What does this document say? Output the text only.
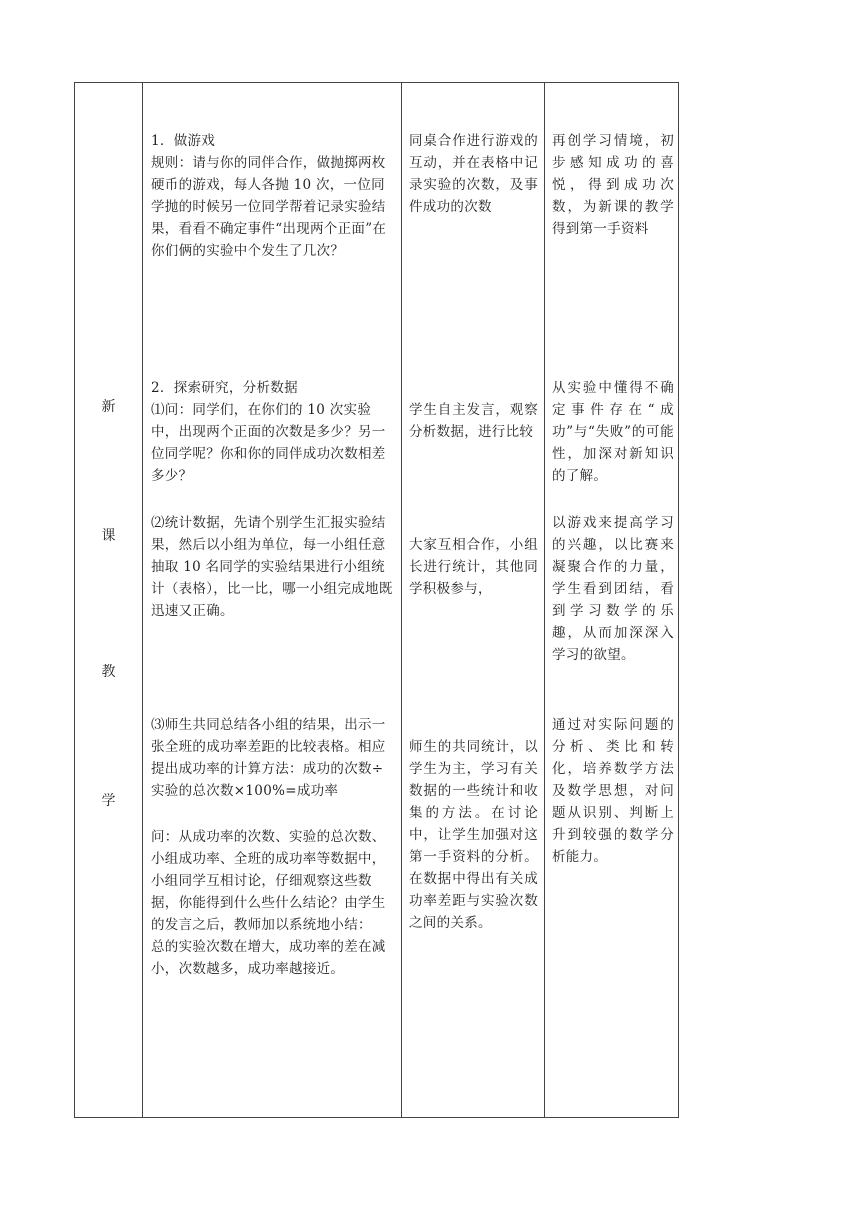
新
课
教
学

1．做游戏

规则：请与你的同伴合作，做抛掷两枚硬币的游戏，每人各抛 10 次，一位同学抛的时候另一位同学帮着记录实验结果，看看不确定事件“出现两个正面”在你们俩的实验中个发生了几次？

2．探索研究，分析数据

⑴问：同学们，在你们的 10 次实验中，出现两个正面的次数是多少？另一位同学呢？你和你的同伴成功次数相差多少？

⑵统计数据，先请个别学生汇报实验结果，然后以小组为单位，每一小组任意抽取 10 名同学的实验结果进行小组统计（表格），比一比，哪一小组完成地既迅速又正确。
⑶师生共同总结各小组的结果，出示一张全班的成功率差距的比较表格。相应提出成功率的计算方法：成功的次数÷实验的总次数×100%=成功率

问：从成功率的次数、实验的总次数、小组成功率、全班的成功率等数据中，小组同学互相讨论，仔细观察这些数据，你能得到什么些什么结论？由学生的发言之后，教师加以系统地小结：

总的实验次数在增大，成功率的差在减小，次数越多，成功率越接近。

同桌合作进行游戏的互动，并在表格中记录实验的次数，及事件成功的次数
学生自主发言，观察分析数据，进行比较
大家互相合作，小组长进行统计，其他同学积极参与，
师生的共同统计，以学生为主，学习有关数据的一些统计和收集的方法。在讨论中，让学生加强对这第一手资料的分析。在数据中得出有关成功率差距与实验次数之间的关系。
再创学习情境，初步感知成功的喜悦，得到成功次数，为新课的教学得到第一手资料
从实验中懂得不确定事件存在“成功”与“失败”的可能性，加深对新知识的了解。
以游戏来提高学习的兴趣，以比赛来凝聚合作的力量，学生看到团结，看到学习数学的乐趣，从而加深深入学习的欲望。
通过对实际问题的分析、类比和转化，培养数学方法及数学思想，对问题从识别、判断上升到较强的数学分析能力。
